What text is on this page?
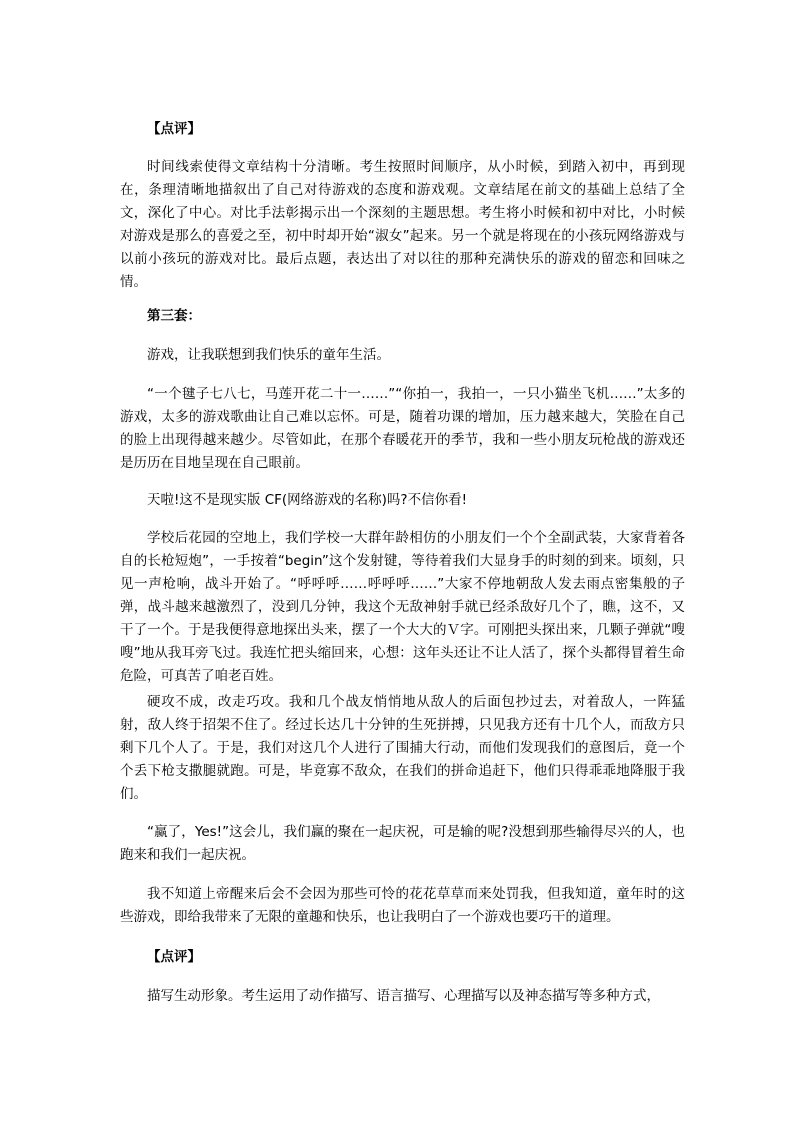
【点评】

时间线索使得文章结构十分清晰。考生按照时间顺序，从小时候，到踏入初中，再到现在，条理清晰地描叙出了自己对待游戏的态度和游戏观。文章结尾在前文的基础上总结了全文，深化了中心。对比手法彰揭示出一个深刻的主题思想。考生将小时候和初中对比，小时候对游戏是那么的喜爱之至，初中时却开始“淑女”起来。另一个就是将现在的小孩玩网络游戏与以前小孩玩的游戏对比。最后点题，表达出了对以往的那种充满快乐的游戏的留恋和回味之情。

第三套：

游戏，让我联想到我们快乐的童年生活。

“一个毽子七八七，马莲开花二十一……”“你拍一，我拍一，一只小猫坐飞机……”太多的游戏，太多的游戏歌曲让自己难以忘怀。可是，随着功课的增加，压力越来越大，笑脸在自己的脸上出现得越来越少。尽管如此，在那个春暖花开的季节，我和一些小朋友玩枪战的游戏还是历历在目地呈现在自己眼前。

天啦!这不是现实版 CF(网络游戏的名称)吗?不信你看!

学校后花园的空地上，我们学校一大群年龄相仿的小朋友们一个个全副武装，大家背着各自的长枪短炮”，一手按着“begin”这个发射键，等待着我们大显身手的时刻的到来。顷刻，只见一声枪响，战斗开始了。“呼呼呼……呼呼呼……”大家不停地朝敌人发去雨点密集般的子弹，战斗越来越激烈了，没到几分钟，我这个无敌神射手就已经杀敌好几个了，瞧，这不，又干了一个。于是我便得意地探出头来，摆了一个大大的Ｖ字。可刚把头探出来，几颗子弹就“嗖嗖”地从我耳旁飞过。我连忙把头缩回来，心想：这年头还让不让人活了，探个头都得冒着生命危险，可真苦了咱老百姓。

硬攻不成，改走巧攻。我和几个战友悄悄地从敌人的后面包抄过去，对着敌人，一阵猛射，敌人终于招架不住了。经过长达几十分钟的生死拼搏，只见我方还有十几个人，而敌方只剩下几个人了。于是，我们对这几个人进行了围捕大行动，而他们发现我们的意图后，竟一个个丢下枪支撒腿就跑。可是，毕竟寡不敌众，在我们的拼命追赶下，他们只得乖乖地降服于我们。

“赢了，Yes!”这会儿，我们赢的聚在一起庆祝，可是输的呢?没想到那些输得尽兴的人，也跑来和我们一起庆祝。

我不知道上帝醒来后会不会因为那些可怜的花花草草而来处罚我，但我知道，童年时的这些游戏，即给我带来了无限的童趣和快乐，也让我明白了一个游戏也要巧干的道理。

【点评】

描写生动形象。考生运用了动作描写、语言描写、心理描写以及神态描写等多种方式，
